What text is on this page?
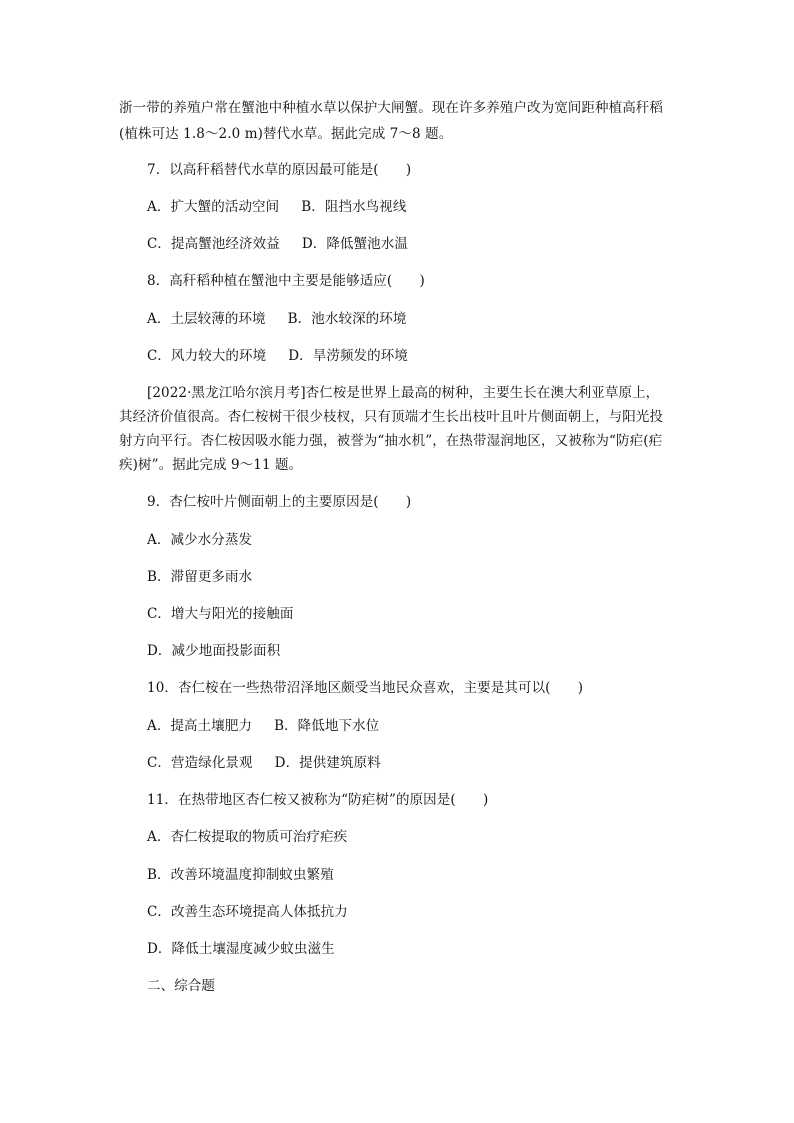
浙一带的养殖户常在蟹池中种植水草以保护大闸蟹。现在许多养殖户改为宽间距种植高秆稻
(植株可达 1.8～2.0 m)替代水草。据此完成 7～8 题。
7．以高秆稻替代水草的原因最可能是(　　)
A．扩大蟹的活动空间 B．阻挡水鸟视线
C．提高蟹池经济效益 D．降低蟹池水温
8．高秆稻种植在蟹池中主要是能够适应(　　)
A．土层较薄的环境 B．池水较深的环境
C．风力较大的环境 D．旱涝频发的环境
[2022·黑龙江哈尔滨月考]杏仁桉是世界上最高的树种，主要生长在澳大利亚草原上，
其经济价值很高。杏仁桉树干很少枝杈，只有顶端才生长出枝叶且叶片侧面朝上，与阳光投
射方向平行。杏仁桉因吸水能力强，被誉为“抽水机”，在热带湿润地区，又被称为“防疟(疟
疾)树”。据此完成 9～11 题。
9．杏仁桉叶片侧面朝上的主要原因是(　　)
A．减少水分蒸发
B．滞留更多雨水
C．增大与阳光的接触面
D．减少地面投影面积
10．杏仁桉在一些热带沼泽地区颇受当地民众喜欢，主要是其可以(　　)
A．提高土壤肥力 B．降低地下水位
C．营造绿化景观 D．提供建筑原料
11．在热带地区杏仁桉又被称为“防疟树”的原因是(　　)
A．杏仁桉提取的物质可治疗疟疾
B．改善环境温度抑制蚊虫繁殖
C．改善生态环境提高人体抵抗力
D．降低土壤湿度减少蚊虫滋生
二、综合题
